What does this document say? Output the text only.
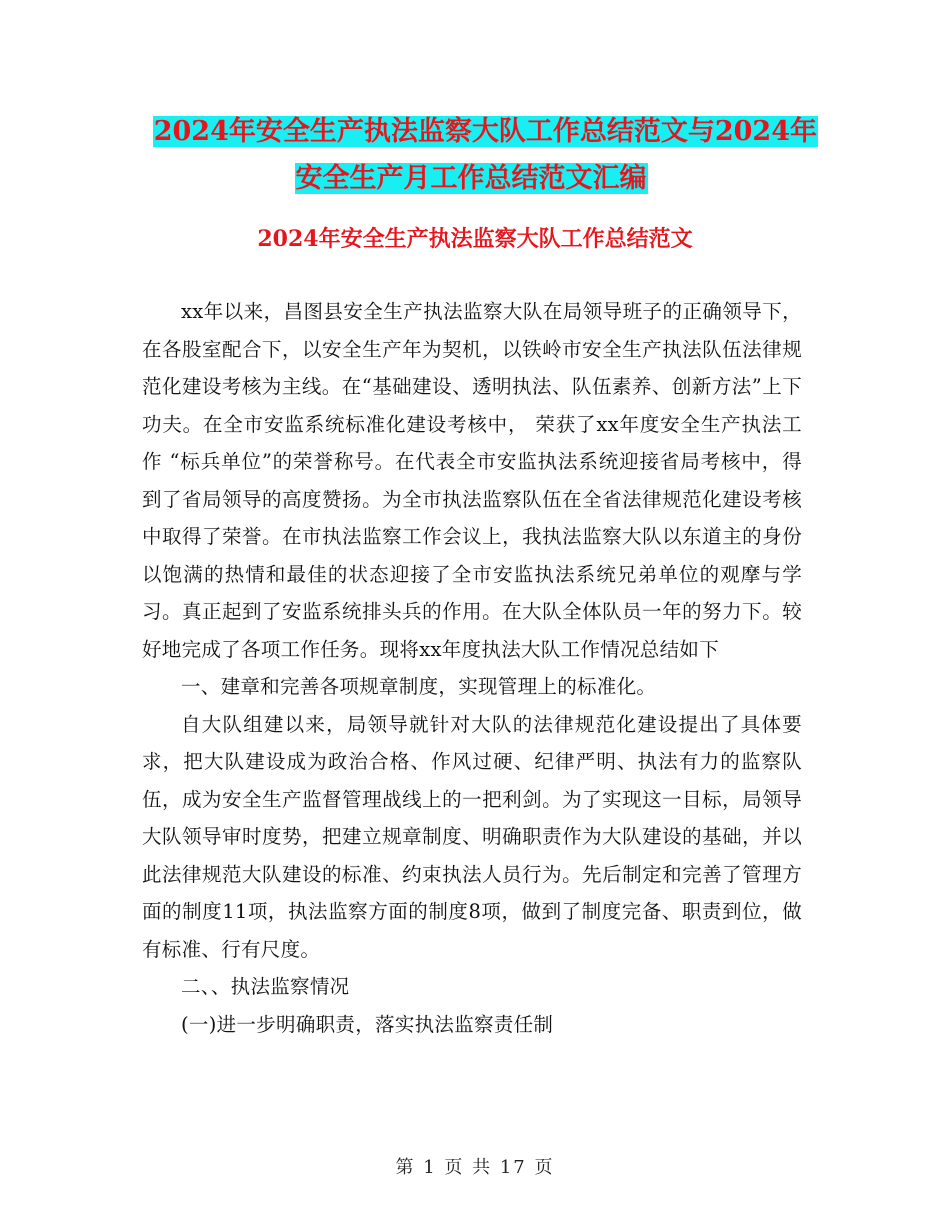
2024年安全生产执法监察大队工作总结范文与2024年
安全生产月工作总结范文汇编
2024年安全生产执法监察大队工作总结范文

xx年以来，昌图县安全生产执法监察大队在局领导班子的正确领导下，在各股室配合下，以安全生产年为契机，以铁岭市安全生产执法队伍法律规范化建设考核为主线。在“基础建设、透明执法、队伍素养、创新方法”上下功夫。在全市安监系统标准化建设考核中， 荣获了xx年度安全生产执法工作 “标兵单位”的荣誉称号。在代表全市安监执法系统迎接省局考核中，得到了省局领导的高度赞扬。为全市执法监察队伍在全省法律规范化建设考核中取得了荣誉。在市执法监察工作会议上，我执法监察大队以东道主的身份以饱满的热情和最佳的状态迎接了全市安监执法系统兄弟单位的观摩与学习。真正起到了安监系统排头兵的作用。在大队全体队员一年的努力下。较好地完成了各项工作任务。现将xx年度执法大队工作情况总结如下

一、建章和完善各项规章制度，实现管理上的标准化。

自大队组建以来，局领导就针对大队的法律规范化建设提出了具体要求，把大队建设成为政治合格、作风过硬、纪律严明、执法有力的监察队伍，成为安全生产监督管理战线上的一把利剑。为了实现这一目标，局领导大队领导审时度势，把建立规章制度、明确职责作为大队建设的基础，并以此法律规范大队建设的标准、约束执法人员行为。先后制定和完善了管理方面的制度11项，执法监察方面的制度8项，做到了制度完备、职责到位，做有标准、行有尺度。

二、、执法监察情况

(一)进一步明确职责，落实执法监察责任制

第 1 页 共 17 页
